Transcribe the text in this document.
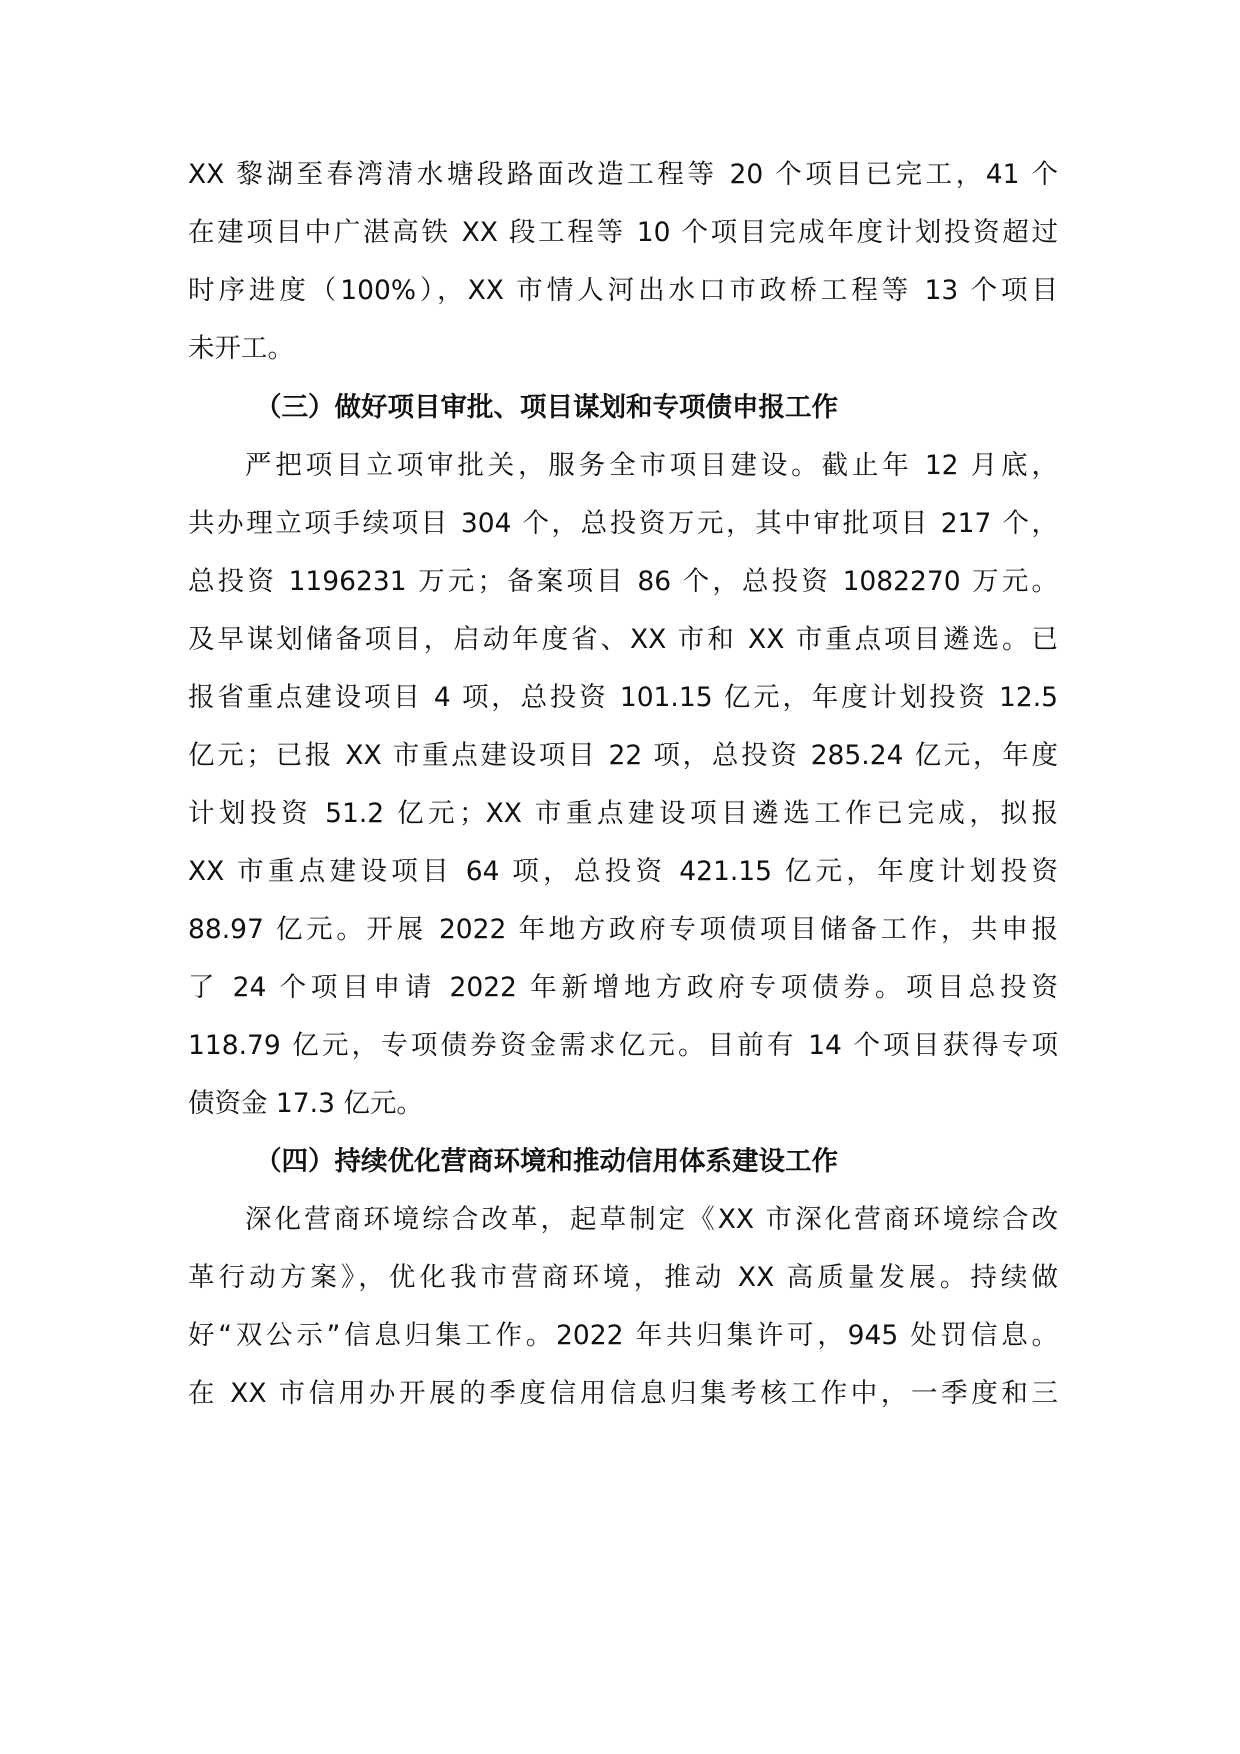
XX 黎湖至春湾清水塘段路面改造工程等 20 个项目已完工，41 个
在建项目中广湛高铁 XX 段工程等 10 个项目完成年度计划投资超过
时序进度（100%），XX 市情人河出水口市政桥工程等 13 个项目
未开工。
（三）做好项目审批、项目谋划和专项债申报工作
严把项目立项审批关，服务全市项目建设。截止年 12 月底，
共办理立项手续项目 304 个，总投资万元，其中审批项目 217 个，
总投资 1196231 万元；备案项目 86 个，总投资 1082270 万元。
及早谋划储备项目，启动年度省、XX 市和 XX 市重点项目遴选。已
报省重点建设项目 4 项，总投资 101.15 亿元，年度计划投资 12.5
亿元；已报 XX 市重点建设项目 22 项，总投资 285.24 亿元，年度
计划投资 51.2 亿元；XX 市重点建设项目遴选工作已完成，拟报
XX 市重点建设项目 64 项，总投资 421.15 亿元，年度计划投资
88.97 亿元。开展 2022 年地方政府专项债项目储备工作，共申报
了 24 个项目申请 2022 年新增地方政府专项债券。项目总投资
118.79 亿元，专项债券资金需求亿元。目前有 14 个项目获得专项
债资金 17.3 亿元。
（四）持续优化营商环境和推动信用体系建设工作
深化营商环境综合改革，起草制定《XX 市深化营商环境综合改
革行动方案》，优化我市营商环境，推动 XX 高质量发展。持续做
好“双公示”信息归集工作。2022 年共归集许可，945 处罚信息。
在 XX 市信用办开展的季度信用信息归集考核工作中，一季度和三
